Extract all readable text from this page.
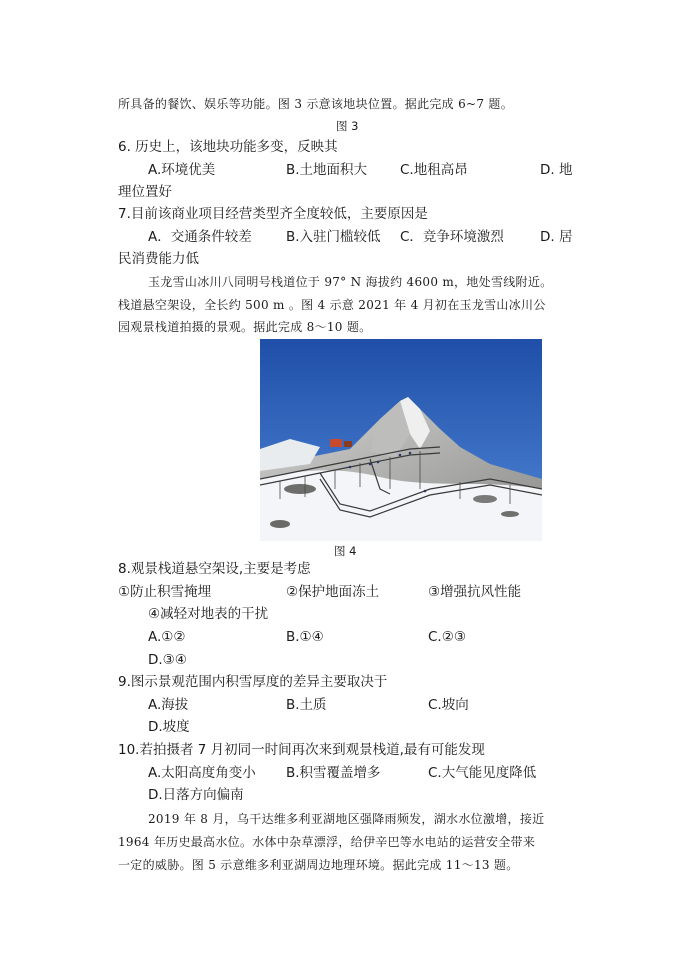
所具备的餐饮、娱乐等功能。图 3 示意该地块位置。据此完成 6~7 题。
图 3
6. 历史上，该地块功能多变，反映其
A.环境优美	B.土地面积大 C.地租高昂	D. 地
理位置好
7.目前该商业项目经营类型齐全度较低，主要原因是
A．交通条件较差	B.入驻门槛较低 C．竞争环境激烈	D. 居
民消费能力低
玉龙雪山冰川八同明号栈道位于 97° N 海拔约 4600 m，地处雪线附近。
栈道悬空架设，全长约 500 m 。图 4 示意 2021 年 4 月初在玉龙雪山冰川公
园观景栈道拍摄的景观。据此完成 8～10 题。
图 4
8.观景栈道悬空架设,主要是考虑
①防止积雪掩埋	②保护地面冻土	③增强抗风性能
④减轻对地表的干扰
A.①②	B.①④	C.②③
D.③④
9.图示景观范围内积雪厚度的差异主要取决于
A.海拔	B.土质	C.坡向
D.坡度
10.若拍摄者 7 月初同一时间再次来到观景栈道,最有可能发现
A.太阳高度角变小 B.积雪覆盖增多	C.大气能见度降低
D.日落方向偏南
2019 年 8 月，乌干达维多利亚湖地区强降雨频发，湖水水位激增，接近
1964 年历史最高水位。水体中杂草漂浮，给伊辛巴等水电站的运营安全带来
一定的威胁。图 5 示意维多利亚湖周边地理环境。据此完成 11～13 题。
